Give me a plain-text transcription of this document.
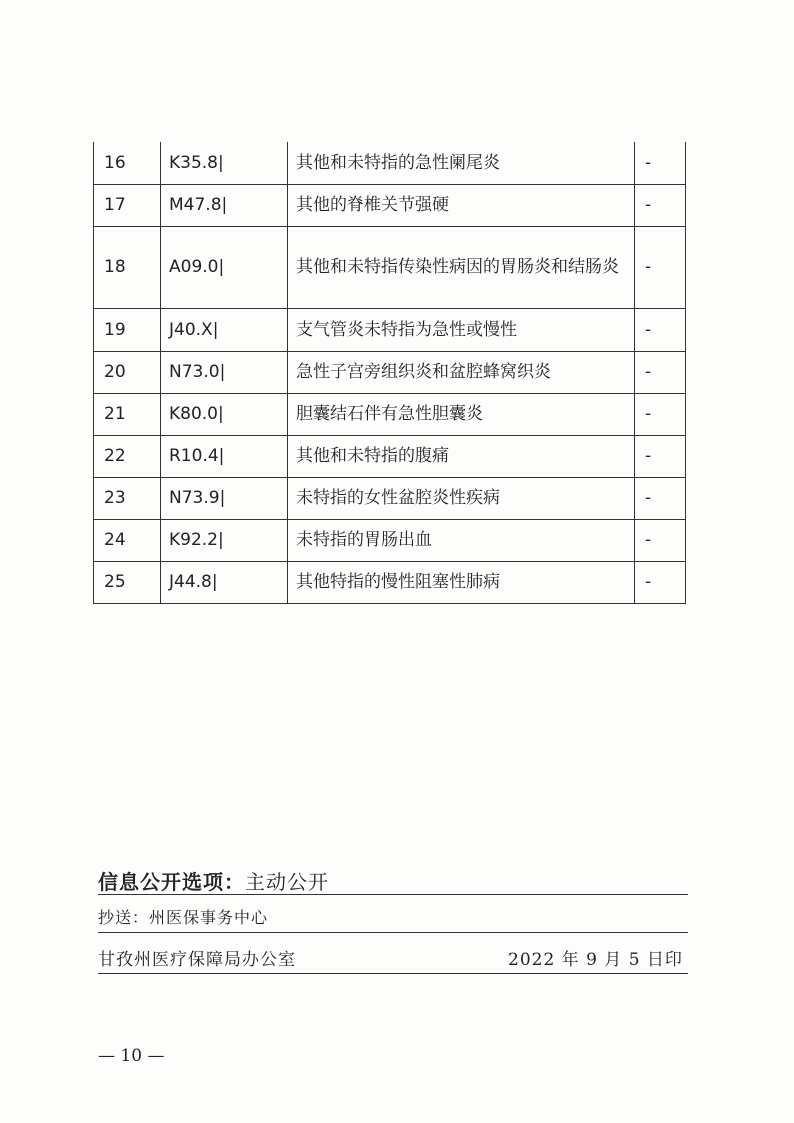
16	K35.8|	其他和未特指的急性阑尾炎	-
17	M47.8|	其他的脊椎关节强硬	-
18	A09.0|	其他和未特指传染性病因的胃肠炎和结肠炎	-
19	J40.X|	支气管炎未特指为急性或慢性	-
20	N73.0|	急性子宫旁组织炎和盆腔蜂窝织炎	-
21	K80.0|	胆囊结石伴有急性胆囊炎	-
22	R10.4|	其他和未特指的腹痛	-
23	N73.9|	未特指的女性盆腔炎性疾病	-
24	K92.2|	未特指的胃肠出血	-
25	J44.8|	其他特指的慢性阻塞性肺病	-
信息公开选项：主动公开
抄送：州医保事务中心
甘孜州医疗保障局办公室	2022 年 9 月 5 日印
— 10 —
